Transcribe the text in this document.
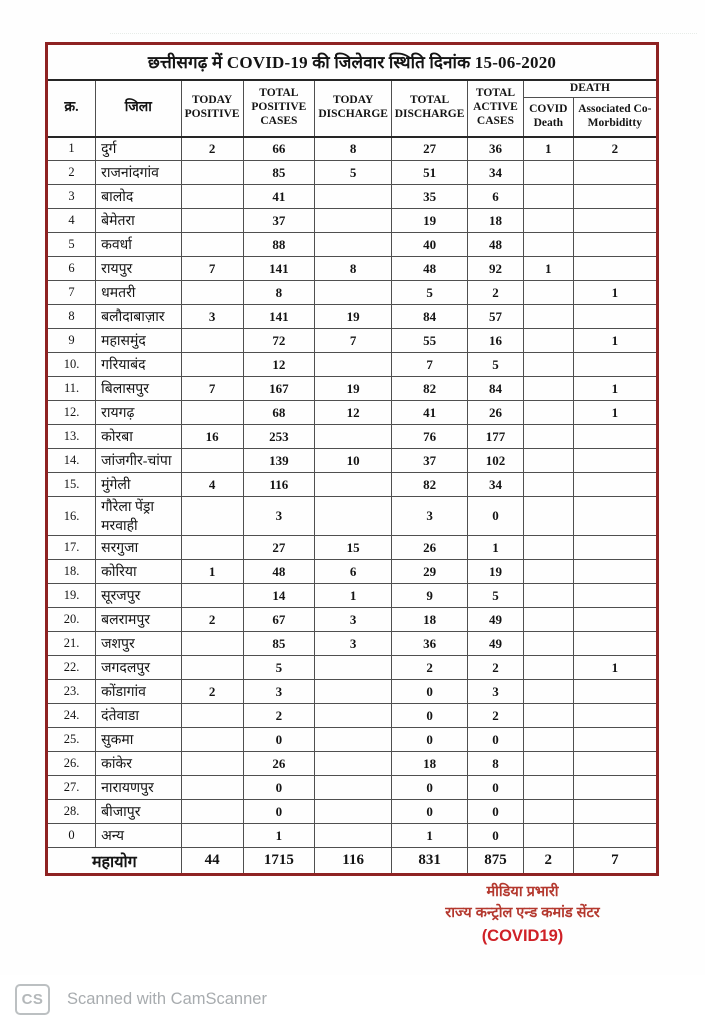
छत्तीसगढ़ में COVID-19 की जिलेवार स्थिति दिनांक 15-06-2020								
क्र.	जिला	TODAY POSITIVE	TOTAL POSITIVE CASES	TODAY DISCHARGE	TOTAL DISCHARGE	TOTAL ACTIVE CASES	DEATH	
							COVID Death	Associated Co-Morbiditty
1	दुर्ग	2	66	8	27	36	1	2
2	राजनांदगांव		85	5	51	34		
3	बालोद		41		35	6		
4	बेमेतरा		37		19	18		
5	कवर्धा		88		40	48		
6	रायपुर	7	141	8	48	92	1	
7	धमतरी		8		5	2		1
8	बलौदाबाज़ार	3	141	19	84	57		
9	महासमुंद		72	7	55	16		1
10.	गरियाबंद		12		7	5		
11.	बिलासपुर	7	167	19	82	84		1
12.	रायगढ़		68	12	41	26		1
13.	कोरबा	16	253		76	177		
14.	जांजगीर-चांपा		139	10	37	102		
15.	मुंगेली	4	116		82	34		
16.	गौरेला पेंड्रा मरवाही		3		3	0		
17.	सरगुजा		27	15	26	1		
18.	कोरिया	1	48	6	29	19		
19.	सूरजपुर		14	1	9	5		
20.	बलरामपुर	2	67	3	18	49		
21.	जशपुर		85	3	36	49		
22.	जगदलपुर		5		2	2		1
23.	कोंडागांव	2	3		0	3		
24.	दंतेवाडा		2		0	2		
25.	सुकमा		0		0	0		
26.	कांकेर		26		18	8		
27.	नारायणपुर		0		0	0		
28.	बीजापुर		0		0	0		
0	अन्य		1		1	0		
महायोग		44	1715	116	831	875	2	7
मीडिया प्रभारी
राज्य कन्ट्रोल एन्ड कमांड सेंटर
(COVID19)
CS Scanned with CamScanner
